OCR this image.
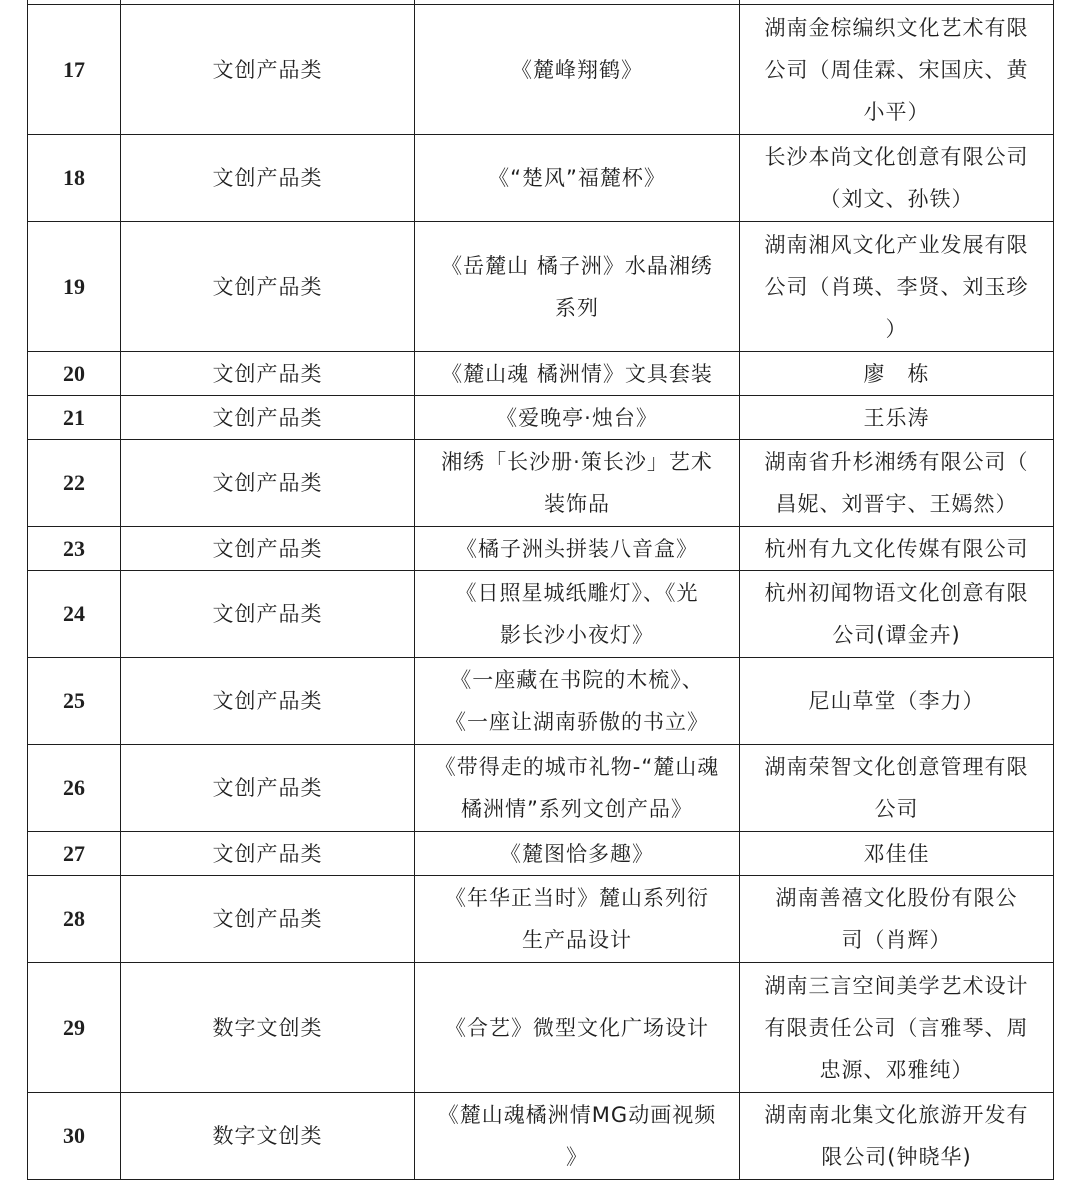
17	文创产品类	《麓峰翔鹤》	湖南金棕编织文化艺术有限
公司（周佳霖、宋国庆、黄
小平）

18	文创产品类	《“楚风”福麓杯》	长沙本尚文化创意有限公司
（刘文、孙铁）

19	文创产品类	《岳麓山 橘子洲》水晶湘绣
系列	湖南湘风文化产业发展有限
公司（肖瑛、李贤、刘玉珍
）

20	文创产品类	《麓山魂 橘洲情》文具套装	廖　栋

21	文创产品类	《爱晚亭·烛台》	王乐涛

22	文创产品类	湘绣「长沙册·策长沙」艺术
装饰品	湖南省升杉湘绣有限公司（
昌妮、刘晋宇、王嫣然）

23	文创产品类	《橘子洲头拼装八音盒》	杭州有九文化传媒有限公司

24	文创产品类	《日照星城纸雕灯》、《光
影长沙小夜灯》	杭州初闻物语文化创意有限
公司(谭金卉)

25	文创产品类	《一座藏在书院的木梳》、
《一座让湖南骄傲的书立》	尼山草堂（李力）

26	文创产品类	《带得走的城市礼物-“麓山魂
橘洲情”系列文创产品》	湖南荣智文化创意管理有限
公司

27	文创产品类	《麓图恰多趣》	邓佳佳

28	文创产品类	《年华正当时》麓山系列衍
生产品设计	湖南善禧文化股份有限公
司（肖辉）

29	数字文创类	《合艺》微型文化广场设计	湖南三言空间美学艺术设计
有限责任公司（言雅琴、周
忠源、邓雅纯）

30	数字文创类	《麓山魂橘洲情MG动画视频
》	湖南南北集文化旅游开发有
限公司(钟晓华)
